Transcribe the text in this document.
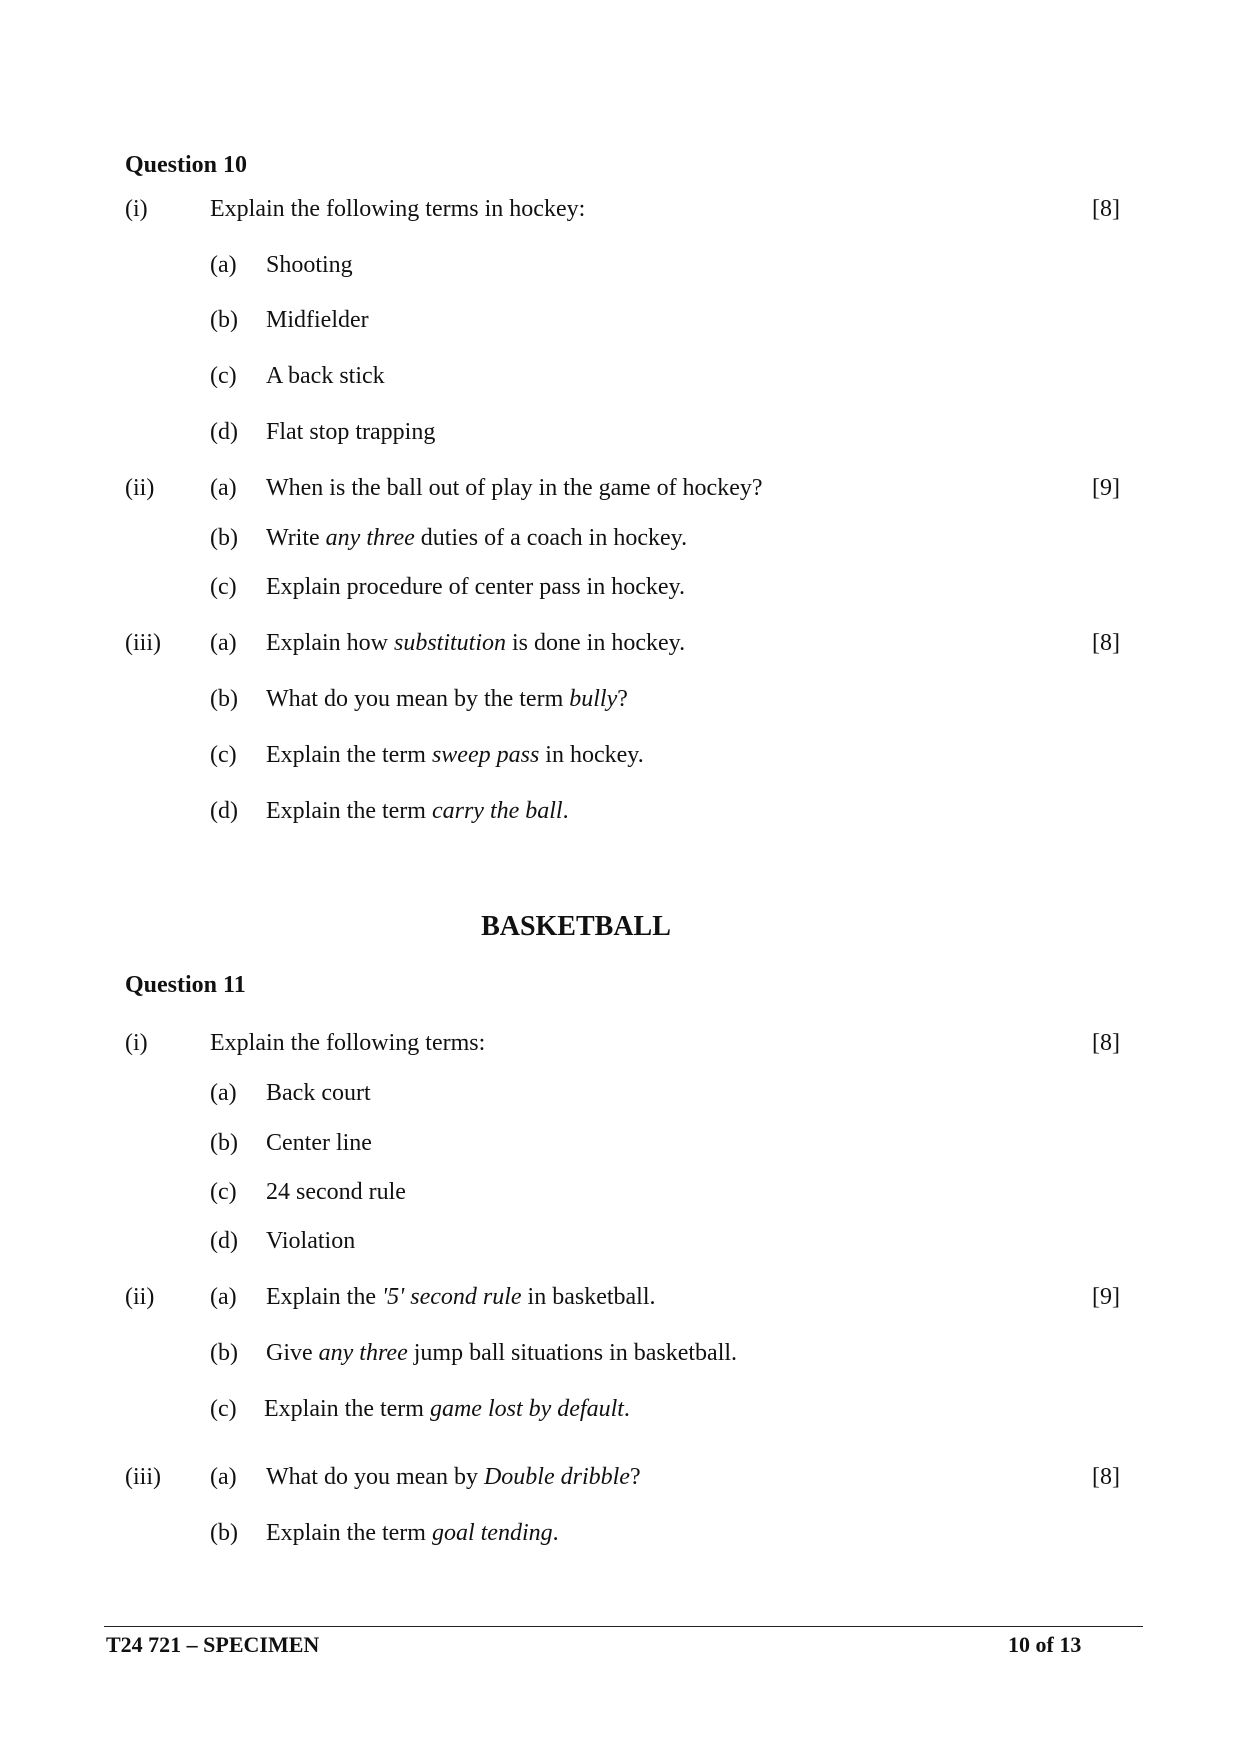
Question 10
(i)	Explain the following terms in hockey:	[8]
(a) Shooting
(b) Midfielder
(c) A back stick
(d) Flat stop trapping
(ii) (a) When is the ball out of play in the game of hockey?	[9]
(b) Write any three duties of a coach in hockey.
(c) Explain procedure of center pass in hockey.
(iii) (a) Explain how substitution is done in hockey.	[8]
(b) What do you mean by the term bully?
(c) Explain the term sweep pass in hockey.
(d) Explain the term carry the ball.
BASKETBALL
Question 11
(i)	Explain the following terms:	[8]
(a) Back court
(b) Center line
(c) 24 second rule
(d) Violation
(ii) (a) Explain the '5' second rule in basketball.	[9]
(b) Give any three jump ball situations in basketball.
(c) Explain the term game lost by default.
(iii) (a) What do you mean by Double dribble?	[8]
(b) Explain the term goal tending.
T24 721 – SPECIMEN	10 of 13
